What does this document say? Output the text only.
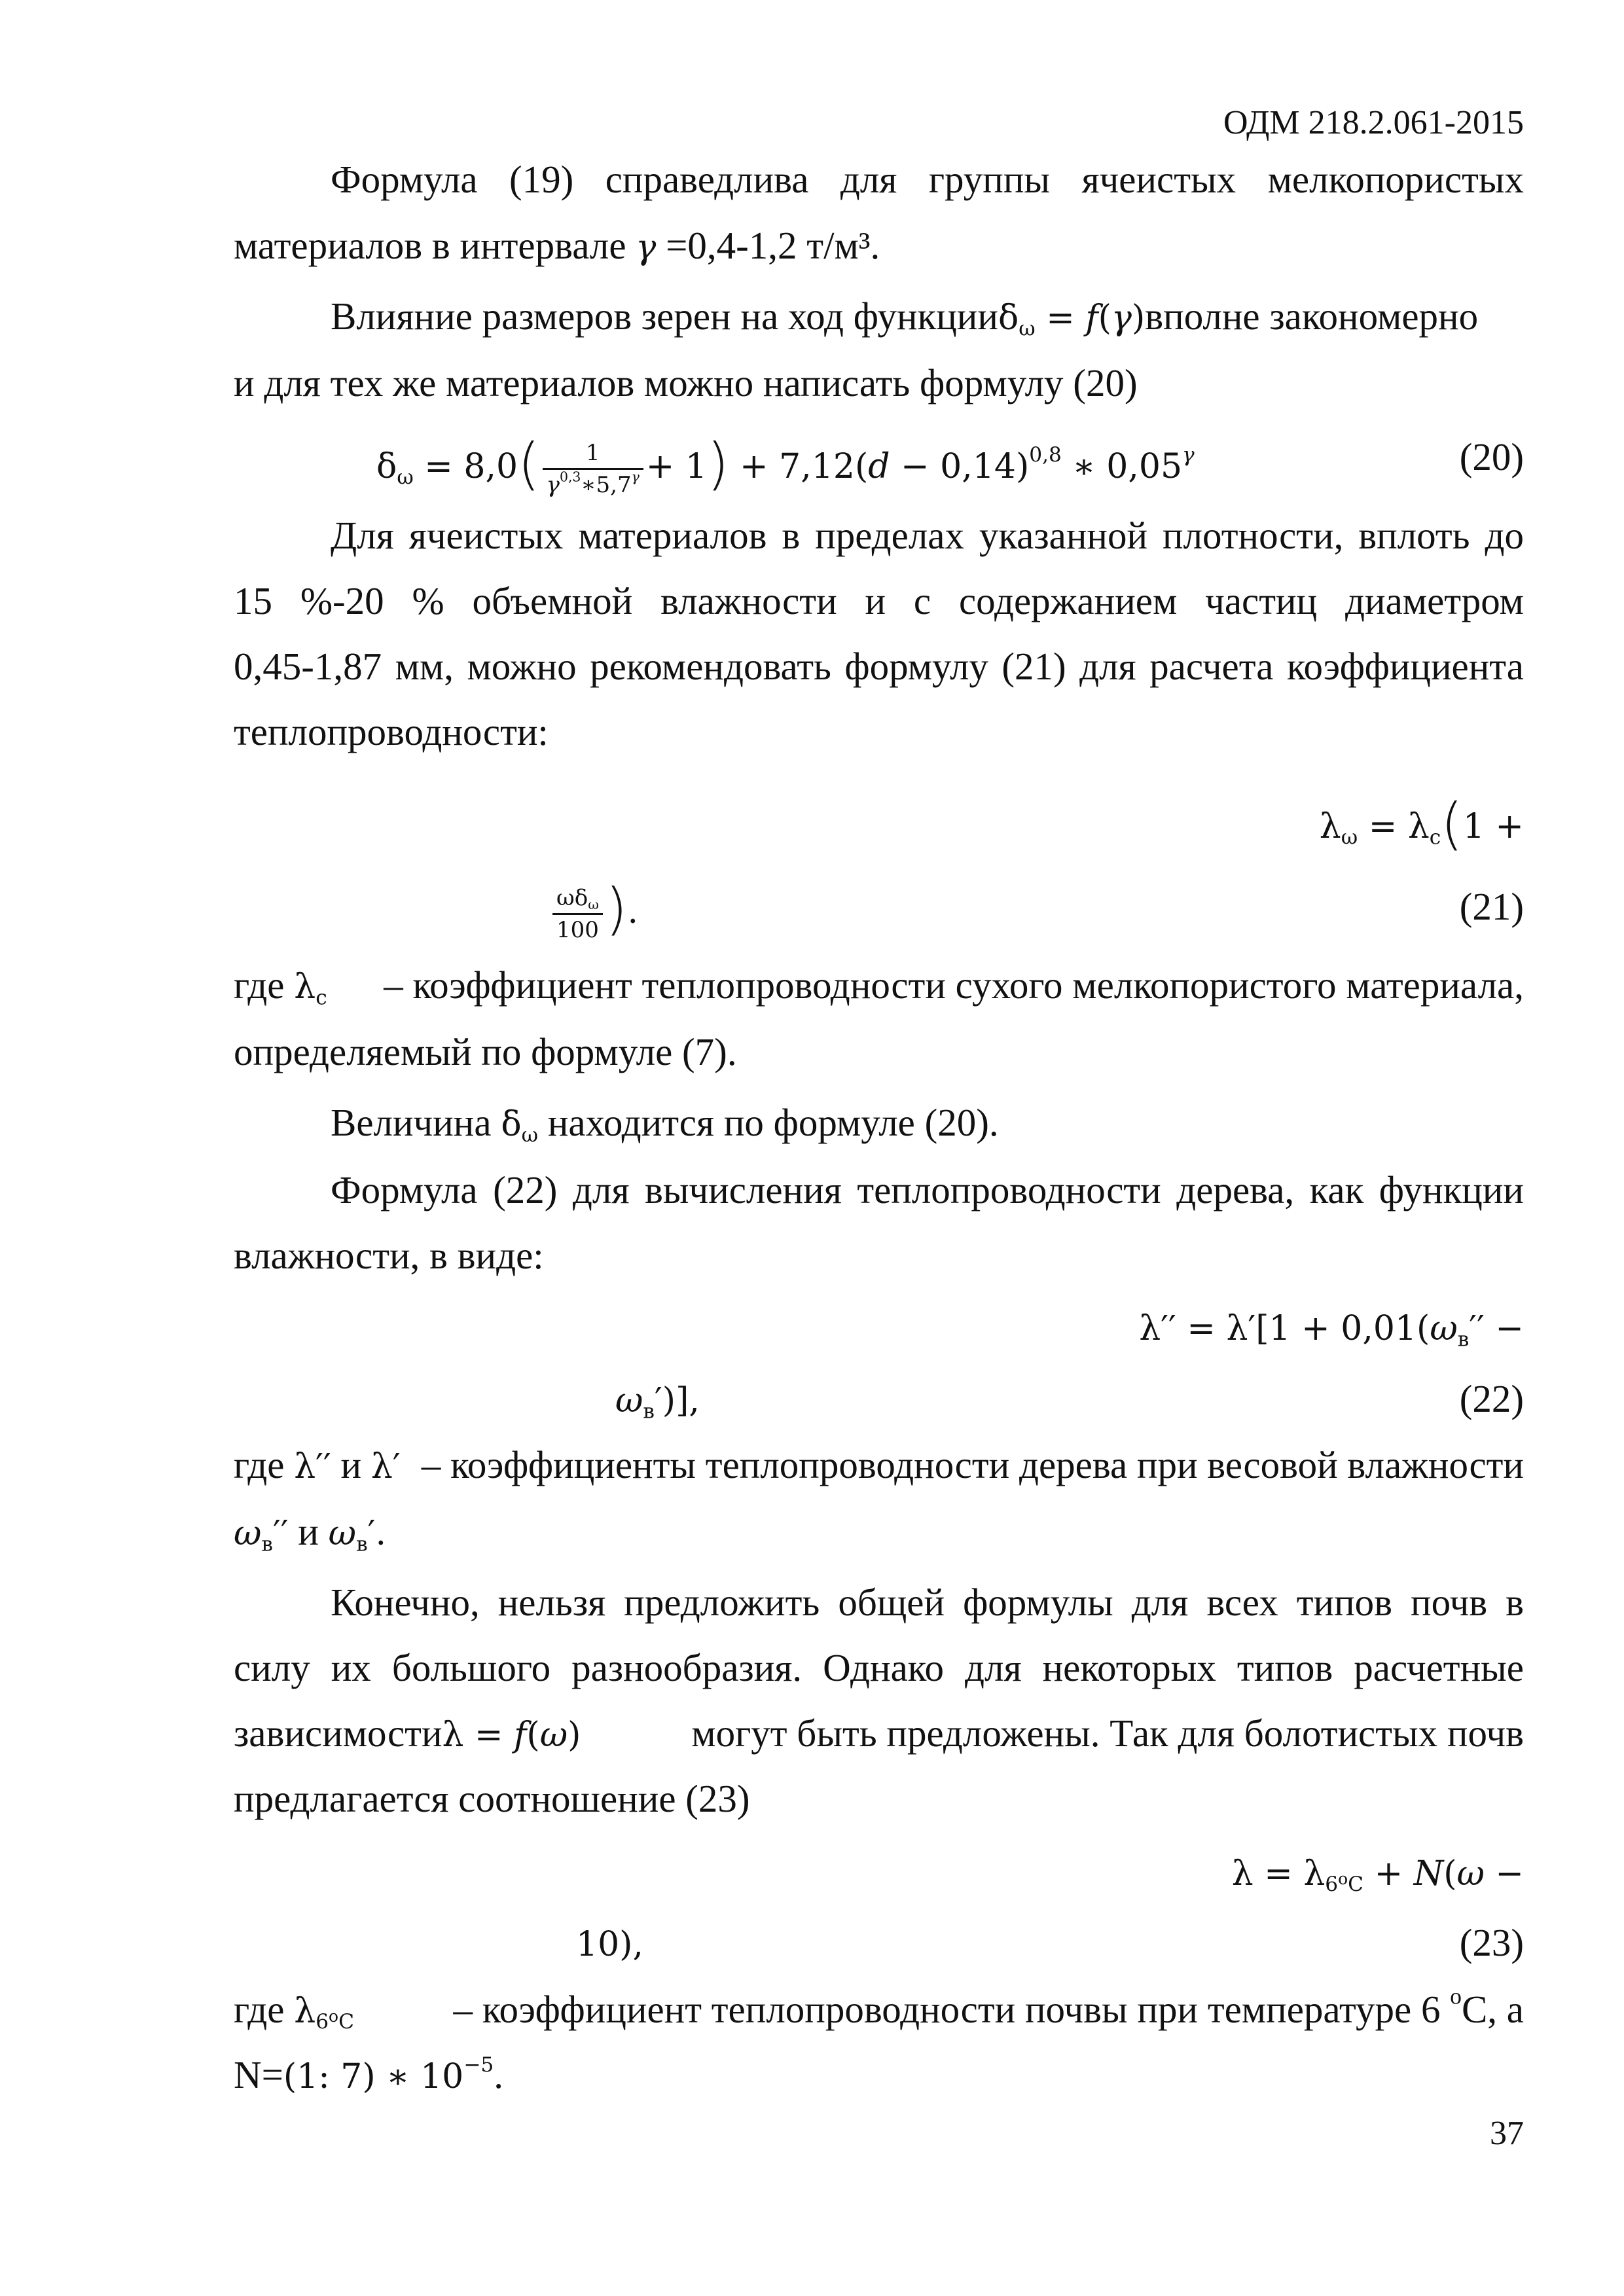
ОДМ 218.2.061-2015
Формула (19) справедлива для группы ячеистых мелкопористых
материалов в интервале γ =0,4-1,2 т/м³.
Влияние размеров зерен на ход функцииδ$_\omega$ = f(γ)вполне закономерно
и для тех же материалов можно написать формулу (20)
$\delta_\omega = 8,0( \frac{1}{\gamma^{0,3}∗5,7^\gamma} + 1) + 7,12(d - 0,14)^{0,8}$ ∗ $0,05^\gamma$	(20)
Для ячеистых материалов в пределах указанной плотности, вплоть до
15 %-20 % объемной влажности и с содержанием частиц диаметром
0,45-1,87 мм, можно рекомендовать формулу (21) для расчета коэффициента
теплопроводности:
$\lambda_\omega = \lambda_с(1$ +
$\frac{\omega\delta_\omega}{100}$ ).	(21)
где $\lambda_с$ – коэффициент теплопроводности сухого мелкопористого материала,
определяемый по формуле (7).
Величина $\delta_\omega$ находится по формуле (20).
Формула (22) для вычисления теплопроводности дерева, как функции
влажности, в виде:
$\lambda'' = \lambda'[1 + 0,01(\omega_в''$ −
$\omega_в'$)],	(22)
где λ′′ и λ′ – коэффициенты теплопроводности дерева при весовой влажности
$\omega_в''$ и $\omega_в'$.
Конечно, нельзя предложить общей формулы для всех типов почв в
силу их большого разнообразия. Однако для некоторых типов расчетные
зависимостиλ = f(ω)	могут быть предложены. Так для болотистых почв
предлагается соотношение (23)
$\lambda = \lambda_{6^оС} + N(\omega$ −
10),	(23)
где $\lambda_{6^оС}$	– коэффициент теплопроводности почвы при температуре 6 $^о$С, а
N=(1: 7) ∗ $10^{-5}$.
37
